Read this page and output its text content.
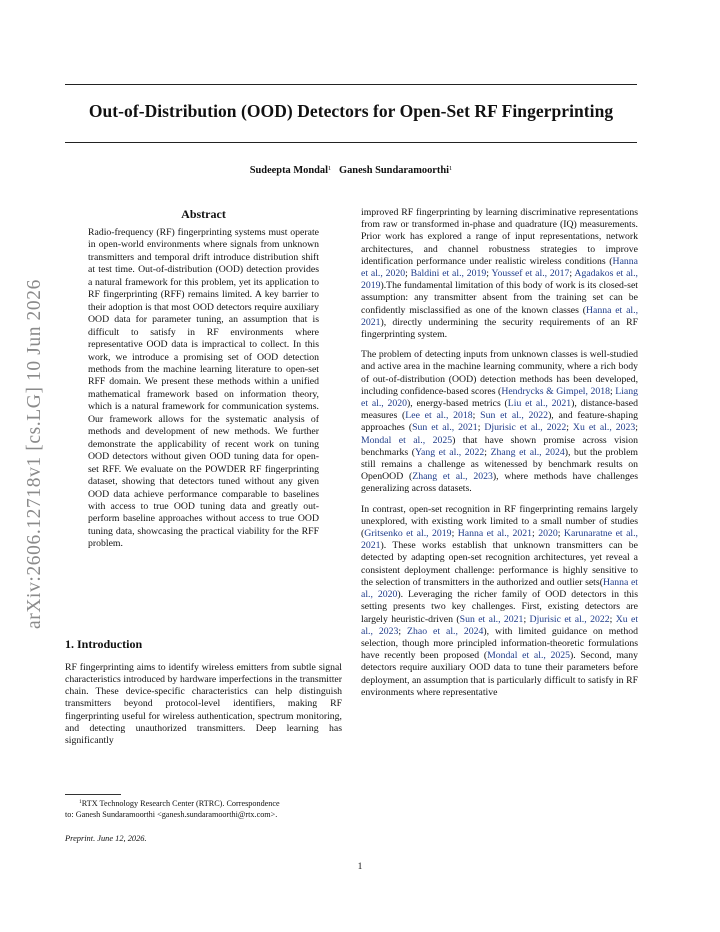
arXiv:2606.12718v1 [cs.LG] 10 Jun 2026
Out-of-Distribution (OOD) Detectors for Open-Set RF Fingerprinting
Sudeepta Mondal$^1$ Ganesh Sundaramoorthi$^1$
Abstract
Radio-frequency (RF) fingerprinting systems must operate in open-world environments where signals from unknown transmitters and temporal drift introduce distribution shift at test time. Out-of-distribution (OOD) detection provides a natural framework for this problem, yet its application to RF fingerprinting (RFF) remains limited. A key barrier to their adoption is that most OOD detectors require auxiliary OOD data for parameter tuning, an assumption that is difficult to satisfy in RF environments where representative OOD data is impractical to collect. In this work, we introduce a promising set of OOD detection methods from the machine learning literature to open-set RFF domain. We present these methods within a unified mathematical framework based on information theory, which is a natural framework for communication systems. Our framework allows for the systematic analysis of methods and development of new methods. We further demonstrate the applicability of recent work on tuning OOD detectors without given OOD tuning data for open-set RFF. We evaluate on the POWDER RF fingerprinting dataset, showing that detectors tuned without any given OOD data achieve performance comparable to baselines with access to true OOD tuning data and greatly out-perform baseline approaches without access to true OOD tuning data, showcasing the practical viability for the RFF problem.
1. Introduction
RF fingerprinting aims to identify wireless emitters from subtle signal characteristics introduced by hardware imperfections in the transmitter chain. These device-specific characteristics can help distinguish transmitters beyond protocol-level identifiers, making RF fingerprinting useful for wireless authentication, spectrum monitoring, and detecting unauthorized transmitters. Deep learning has significantly
$^1$RTX Technology Research Center (RTRC). Correspondence
to: Ganesh Sundaramoorthi <ganesh.sundaramoorthi@rtx.com>.
Preprint. June 12, 2026.

improved RF fingerprinting by learning discriminative representations from raw or transformed in-phase and quadrature (IQ) measurements. Prior work has explored a range of input representations, network architectures, and channel robustness strategies to improve identification performance under realistic wireless conditions (Hanna et al., 2020; Baldini et al., 2019; Youssef et al., 2017; Agadakos et al., 2019).The fundamental limitation of this body of work is its closed-set assumption: any transmitter absent from the training set can be confidently misclassified as one of the known classes (Hanna et al., 2021), directly undermining the security requirements of an RF fingerprinting system.

The problem of detecting inputs from unknown classes is well-studied and active area in the machine learning community, where a rich body of out-of-distribution (OOD) detection methods has been developed, including confidence-based scores (Hendrycks & Gimpel, 2018; Liang et al., 2020), energy-based metrics (Liu et al., 2021), distance-based measures (Lee et al., 2018; Sun et al., 2022), and feature-shaping approaches (Sun et al., 2021; Djurisic et al., 2022; Xu et al., 2023; Mondal et al., 2025) that have shown promise across vision benchmarks (Yang et al., 2022; Zhang et al., 2024), but the problem still remains a challenge as witenessed by benchmark results on OpenOOD (Zhang et al., 2023), where methods have challenges generalizing across datasets.

In contrast, open-set recognition in RF fingerprinting remains largely unexplored, with existing work limited to a small number of studies (Gritsenko et al., 2019; Hanna et al., 2021; 2020; Karunaratne et al., 2021). These works establish that unknown transmitters can be detected by adapting open-set recognition architectures, yet reveal a consistent deployment challenge: performance is highly sensitive to the selection of transmitters in the authorized and outlier sets(Hanna et al., 2020). Leveraging the richer family of OOD detectors in this setting presents two key challenges. First, existing detectors are largely heuristic-driven (Sun et al., 2021; Djurisic et al., 2022; Xu et al., 2023; Zhao et al., 2024), with limited guidance on method selection, though more principled information-theoretic formulations have recently been proposed (Mondal et al., 2025). Second, many detectors require auxiliary OOD data to tune their parameters before deployment, an assumption that is particularly difficult to satisfy in RF environments where representative

1
